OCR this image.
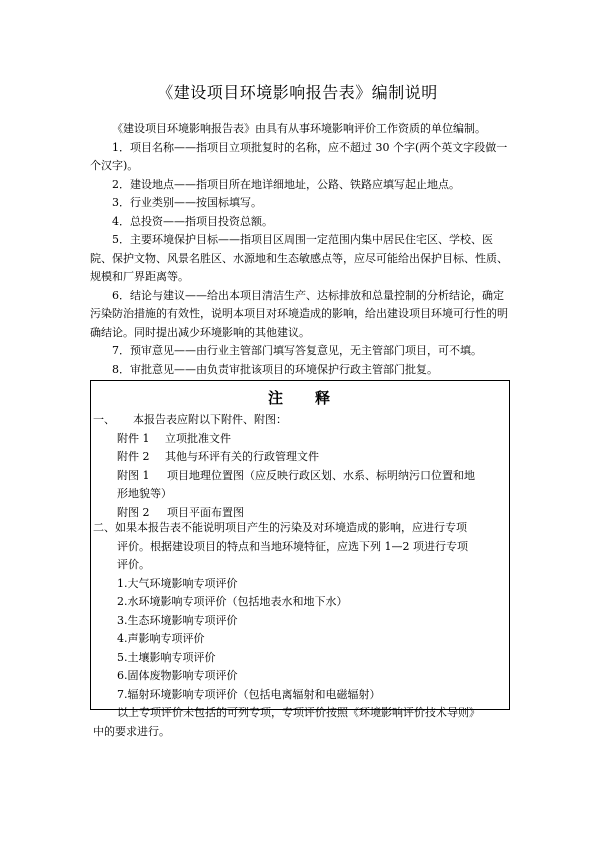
《建设项目环境影响报告表》编制说明

《建设项目环境影响报告表》由具有从事环境影响评价工作资质的单位编制。

1．项目名称——指项目立项批复时的名称，应不超过 30 个字(两个英文字段做一个汉字)。

2．建设地点——指项目所在地详细地址，公路、铁路应填写起止地点。

3．行业类别——按国标填写。

4．总投资——指项目投资总额。

5．主要环境保护目标——指项目区周围一定范围内集中居民住宅区、学校、医院、保护文物、风景名胜区、水源地和生态敏感点等，应尽可能给出保护目标、性质、规模和厂界距离等。

6．结论与建议——给出本项目清洁生产、达标排放和总量控制的分析结论，确定污染防治措施的有效性，说明本项目对环境造成的影响，给出建设项目环境可行性的明确结论。同时提出减少环境影响的其他建议。

7．预审意见——由行业主管部门填写答复意见，无主管部门项目，可不填。

8．审批意见——由负责审批该项目的环境保护行政主管部门批复。

注 释
一、 本报告表应附以下附件、附图：
附件 1 立项批准文件
附件 2 其他与环评有关的行政管理文件
附图 1 项目地理位置图（应反映行政区划、水系、标明纳污口位置和地
形地貌等）
附图 2 项目平面布置图
二、如果本报告表不能说明项目产生的污染及对环境造成的影响，应进行专项
评价。根据建设项目的特点和当地环境特征，应选下列 1—2 项进行专项
评价。
1.大气环境影响专项评价
2.水环境影响专项评价（包括地表水和地下水）
3.生态环境影响专项评价
4.声影响专项评价
5.土壤影响专项评价
6.固体废物影响专项评价
7.辐射环境影响专项评价（包括电离辐射和电磁辐射）
以上专项评价未包括的可列专项，专项评价按照《环境影响评价技术导则》
中的要求进行。
